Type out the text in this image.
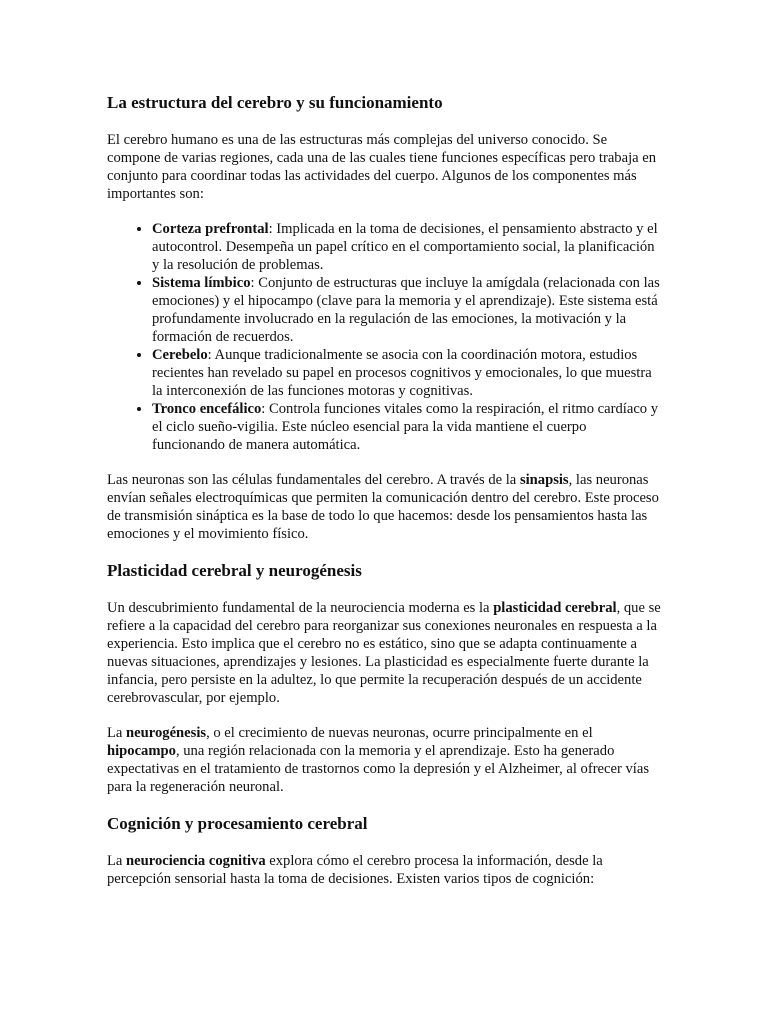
La estructura del cerebro y su funcionamiento

El cerebro humano es una de las estructuras más complejas del universo conocido. Se compone de varias regiones, cada una de las cuales tiene funciones específicas pero trabaja en conjunto para coordinar todas las actividades del cuerpo. Algunos de los componentes más importantes son:

• Corteza prefrontal: Implicada en la toma de decisiones, el pensamiento abstracto y el autocontrol. Desempeña un papel crítico en el comportamiento social, la planificación y la resolución de problemas.
• Sistema límbico: Conjunto de estructuras que incluye la amígdala (relacionada con las emociones) y el hipocampo (clave para la memoria y el aprendizaje). Este sistema está profundamente involucrado en la regulación de las emociones, la motivación y la formación de recuerdos.
• Cerebelo: Aunque tradicionalmente se asocia con la coordinación motora, estudios recientes han revelado su papel en procesos cognitivos y emocionales, lo que muestra la interconexión de las funciones motoras y cognitivas.
• Tronco encefálico: Controla funciones vitales como la respiración, el ritmo cardíaco y el ciclo sueño-vigilia. Este núcleo esencial para la vida mantiene el cuerpo funcionando de manera automática.

Las neuronas son las células fundamentales del cerebro. A través de la sinapsis, las neuronas envían señales electroquímicas que permiten la comunicación dentro del cerebro. Este proceso de transmisión sináptica es la base de todo lo que hacemos: desde los pensamientos hasta las emociones y el movimiento físico.

Plasticidad cerebral y neurogénesis

Un descubrimiento fundamental de la neurociencia moderna es la plasticidad cerebral, que se refiere a la capacidad del cerebro para reorganizar sus conexiones neuronales en respuesta a la experiencia. Esto implica que el cerebro no es estático, sino que se adapta continuamente a nuevas situaciones, aprendizajes y lesiones. La plasticidad es especialmente fuerte durante la infancia, pero persiste en la adultez, lo que permite la recuperación después de un accidente cerebrovascular, por ejemplo.

La neurogénesis, o el crecimiento de nuevas neuronas, ocurre principalmente en el hipocampo, una región relacionada con la memoria y el aprendizaje. Esto ha generado expectativas en el tratamiento de trastornos como la depresión y el Alzheimer, al ofrecer vías para la regeneración neuronal.

Cognición y procesamiento cerebral

La neurociencia cognitiva explora cómo el cerebro procesa la información, desde la percepción sensorial hasta la toma de decisiones. Existen varios tipos de cognición:
